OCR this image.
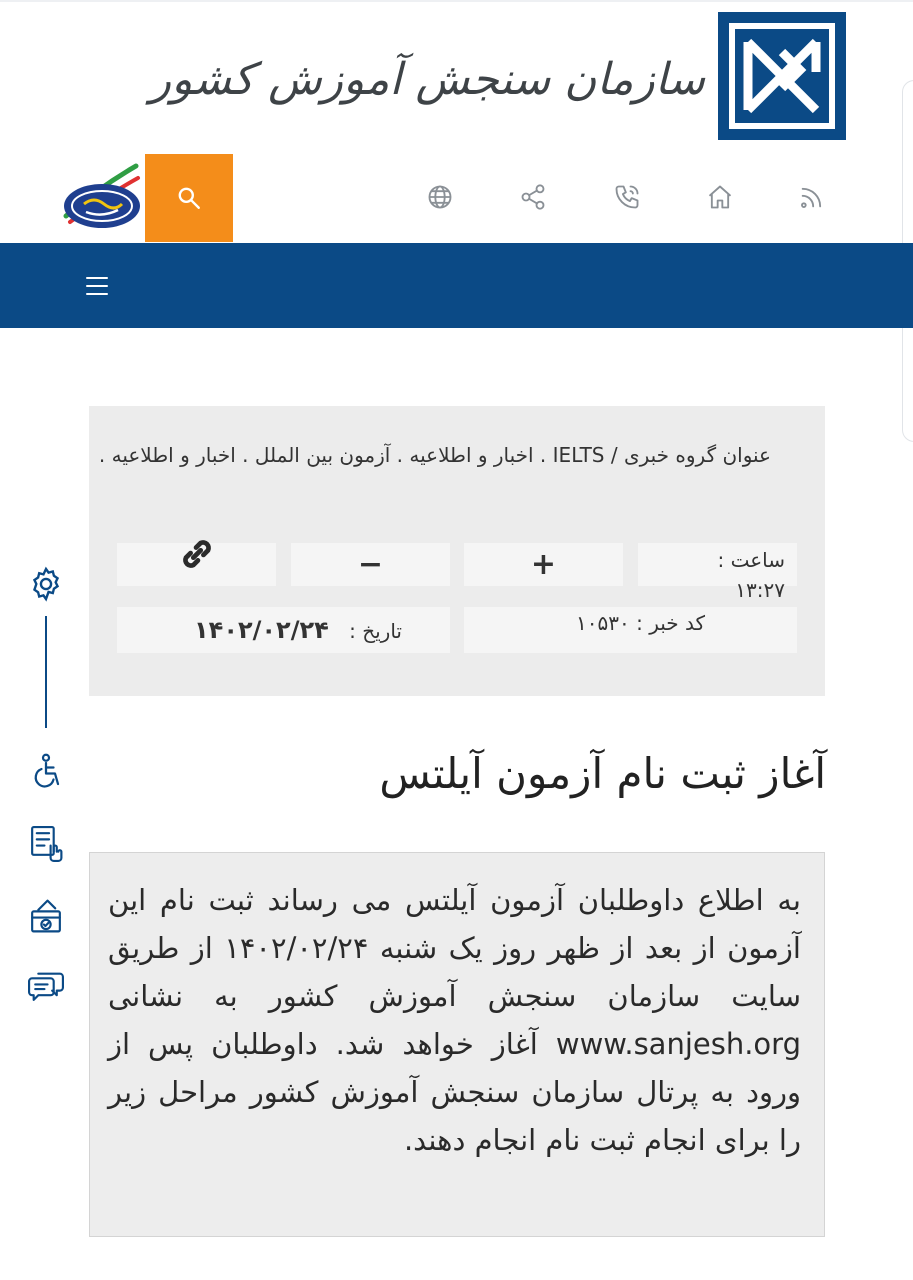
سازمان سنجش آموزش کشور
عنوان گروه خبری / IELTS . اخبار و اطلاعیه . آزمون بین الملل . اخبار و اطلاعیه .
ساعت :
۱۳:۲۷
+
−
کد خبر : ۱۰۵۳۰
تاریخ : ۱۴۰۲/۰۲/۲۴
آغاز ثبت نام آزمون آیلتس
به اطلاع داوطلبان آزمون آیلتس می رساند ثبت نام این آزمون از بعد از ظهر روز یک شنبه ۱۴۰۲/۰۲/۲۴ از طریق سایت سازمان سنجش آموزش کشور به نشانی www.sanjesh.org آغاز خواهد شد. داوطلبان پس از ورود به پرتال سازمان سنجش آموزش کشور مراحل زیر را برای انجام ثبت نام انجام دهند.
